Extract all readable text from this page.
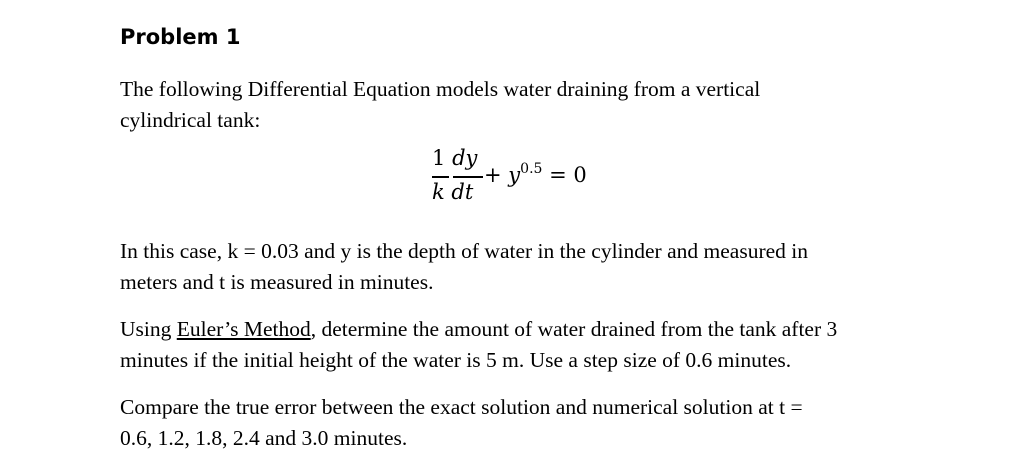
Problem 1

The following Differential Equation models water draining from a vertical
cylindrical tank:

1 dy
k dt
+ $y^{0.5} = 0$

In this case, k = 0.03 and y is the depth of water in the cylinder and measured in
meters and t is measured in minutes.

Using Euler’s Method, determine the amount of water drained from the tank after 3
minutes if the initial height of the water is 5 m. Use a step size of 0.6 minutes.

Compare the true error between the exact solution and numerical solution at t =
0.6, 1.2, 1.8, 2.4 and 3.0 minutes.
